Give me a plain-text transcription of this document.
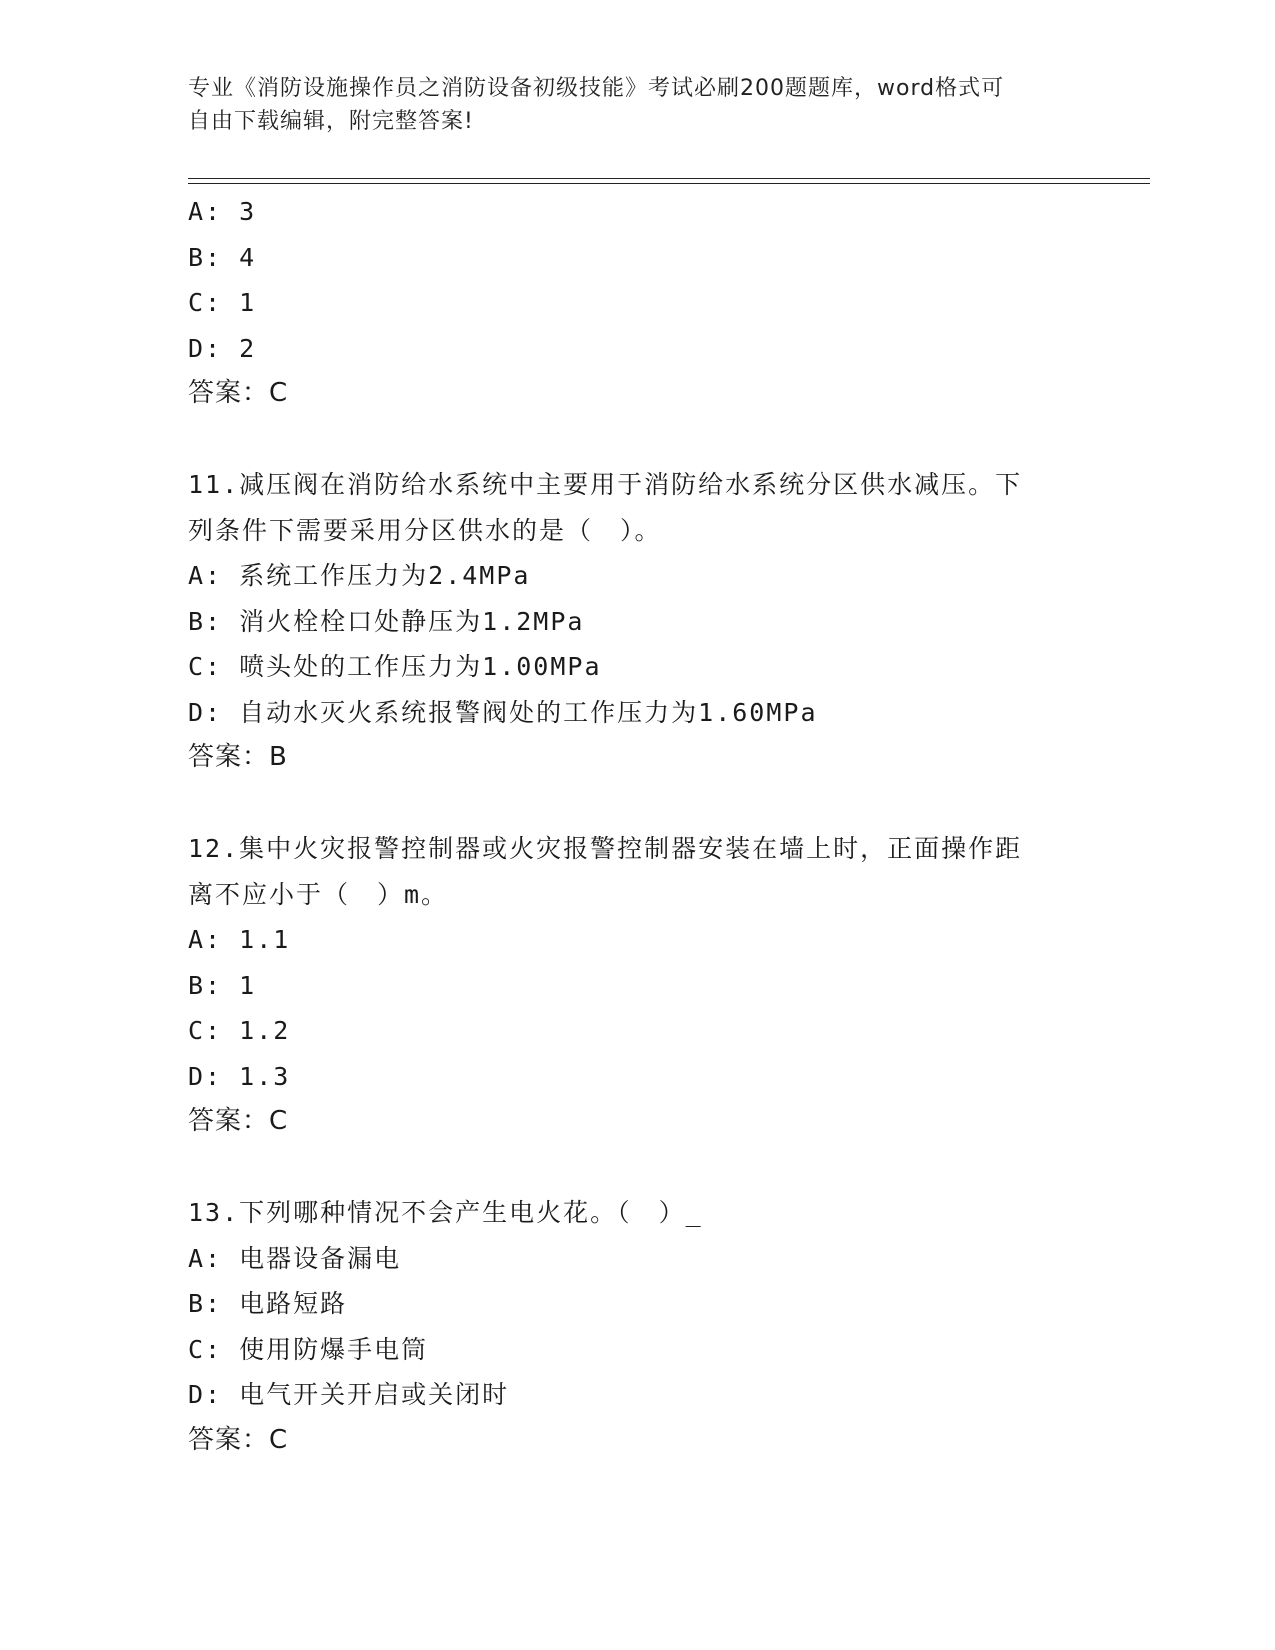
专业《消防设施操作员之消防设备初级技能》考试必刷200题题库，word格式可
自由下载编辑，附完整答案!
A: 3
B: 4
C: 1
D: 2
答案：C
11.减压阀在消防给水系统中主要用于消防给水系统分区供水减压。下
列条件下需要采用分区供水的是（　）。
A: 系统工作压力为2.4MPa
B: 消火栓栓口处静压为1.2MPa
C: 喷头处的工作压力为1.00MPa
D: 自动水灭火系统报警阀处的工作压力为1.60MPa
答案：B
12.集中火灾报警控制器或火灾报警控制器安装在墙上时，正面操作距
离不应小于（　）m。
A: 1.1
B: 1
C: 1.2
D: 1.3
答案：C
13.下列哪种情况不会产生电火花。（　）_
A: 电器设备漏电
B: 电路短路
C: 使用防爆手电筒
D: 电气开关开启或关闭时
答案：C
